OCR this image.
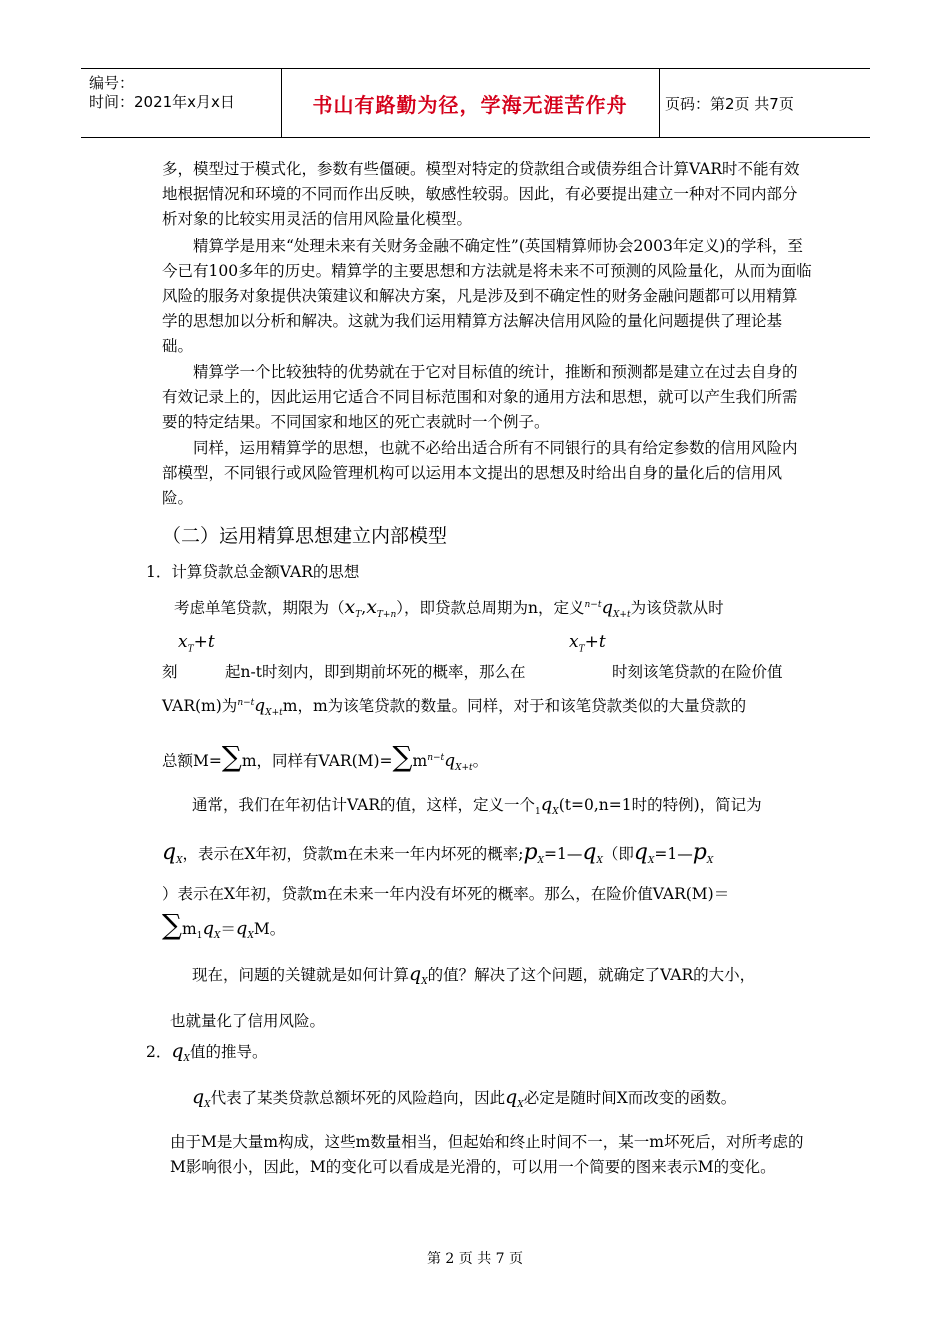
编号：
时间：2021年x月x日	书山有路勤为径，学海无涯苦作舟	页码：第2页 共7页
多，模型过于模式化，参数有些僵硬。模型对特定的贷款组合或债券组合计算VAR时不能有效地根据情况和环境的不同而作出反映，敏感性较弱。因此，有必要提出建立一种对不同内部分析对象的比较实用灵活的信用风险量化模型。
　　精算学是用来“处理未来有关财务金融不确定性”(英国精算师协会2003年定义)的学科，至今已有100多年的历史。精算学的主要思想和方法就是将未来不可预测的风险量化，从而为面临风险的服务对象提供决策建议和解决方案，凡是涉及到不确定性的财务金融问题都可以用精算学的思想加以分析和解决。这就为我们运用精算方法解决信用风险的量化问题提供了理论基础。
　　精算学一个比较独特的优势就在于它对目标值的统计，推断和预测都是建立在过去自身的有效记录上的，因此运用它适合不同目标范围和对象的通用方法和思想，就可以产生我们所需要的特定结果。不同国家和地区的死亡表就时一个例子。
　　同样，运用精算学的思想，也就不必给出适合所有不同银行的具有给定参数的信用风险内部模型，不同银行或风险管理机构可以运用本文提出的思想及时给出自身的量化后的信用风险。
（二）运用精算思想建立内部模型
1．计算贷款总金额VAR的思想
考虑单笔贷款，期限为$(x_T,x_{T+n})$，即贷款总周期为n，定义$^{n-t}q_{X+t}$为该贷款从时
$x_T+t$	$x_T+t$
刻	起n-t时刻内，即到期前坏死的概率，那么在	时刻该笔贷款的在险价值
VAR(m)为$^{n-t}q_{X+t}m$，m为该笔贷款的数量。同样，对于和该笔贷款类似的大量贷款的
总额M=∑m，同样有$VAR(M)=\sum m^{n-t}q_{X+t}$。
通常，我们在年初估计VAR的值，这样，定义一个$_1q_X(t=0,n=1$时的特例)，简记为
$q_X$，表示在X年初，贷款m在未来一年内坏死的概率$;p_X=1—q_X$（即$q_X=1—p_X$
）表示在X年初，贷款m在未来一年内没有坏死的概率。那么，在险价值VAR(M)＝
$\sum m_1q_X=q_XM$。
现在，问题的关键就是如何计算$q_X$的值？解决了这个问题，就确定了VAR的大小，
也就量化了信用风险。
2．$q_X$值的推导。
$q_X$代表了某类贷款总额坏死的风险趋向，因此$q_X$必定是随时间X而改变的函数。
由于M是大量m构成，这些m数量相当，但起始和终止时间不一，某一m坏死后，对所考虑的M影响很小，因此，M的变化可以看成是光滑的，可以用一个简要的图来表示M的变化。
第 2 页 共 7 页
